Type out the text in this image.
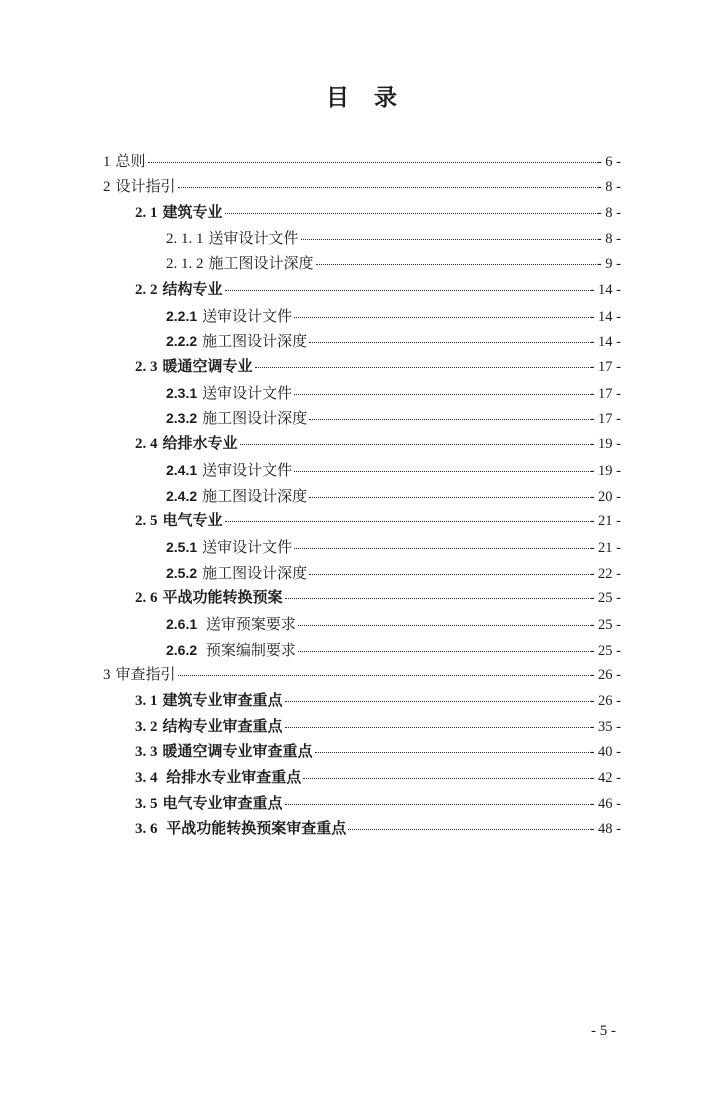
目　录
1 总则	- 6 -
2 设计指引	- 8 -
2. 1 建筑专业	- 8 -
2. 1. 1 送审设计文件	- 8 -
2. 1. 2 施工图设计深度	- 9 -
2. 2 结构专业	- 14 -
2.2.1 送审设计文件	- 14 -
2.2.2 施工图设计深度	- 14 -
2. 3 暖通空调专业	- 17 -
2.3.1 送审设计文件	- 17 -
2.3.2 施工图设计深度	- 17 -
2. 4 给排水专业	- 19 -
2.4.1 送审设计文件	- 19 -
2.4.2 施工图设计深度	- 20 -
2. 5 电气专业	- 21 -
2.5.1 送审设计文件	- 21 -
2.5.2 施工图设计深度	- 22 -
2. 6 平战功能转换预案	- 25 -
2.6.1 送审预案要求	- 25 -
2.6.2 预案编制要求	- 25 -
3 审查指引	- 26 -
3. 1 建筑专业审查重点	- 26 -
3. 2 结构专业审查重点	- 35 -
3. 3 暖通空调专业审查重点	- 40 -
3. 4 给排水专业审查重点	- 42 -
3. 5 电气专业审查重点	- 46 -
3. 6 平战功能转换预案审查重点	- 48 -
- 5 -
